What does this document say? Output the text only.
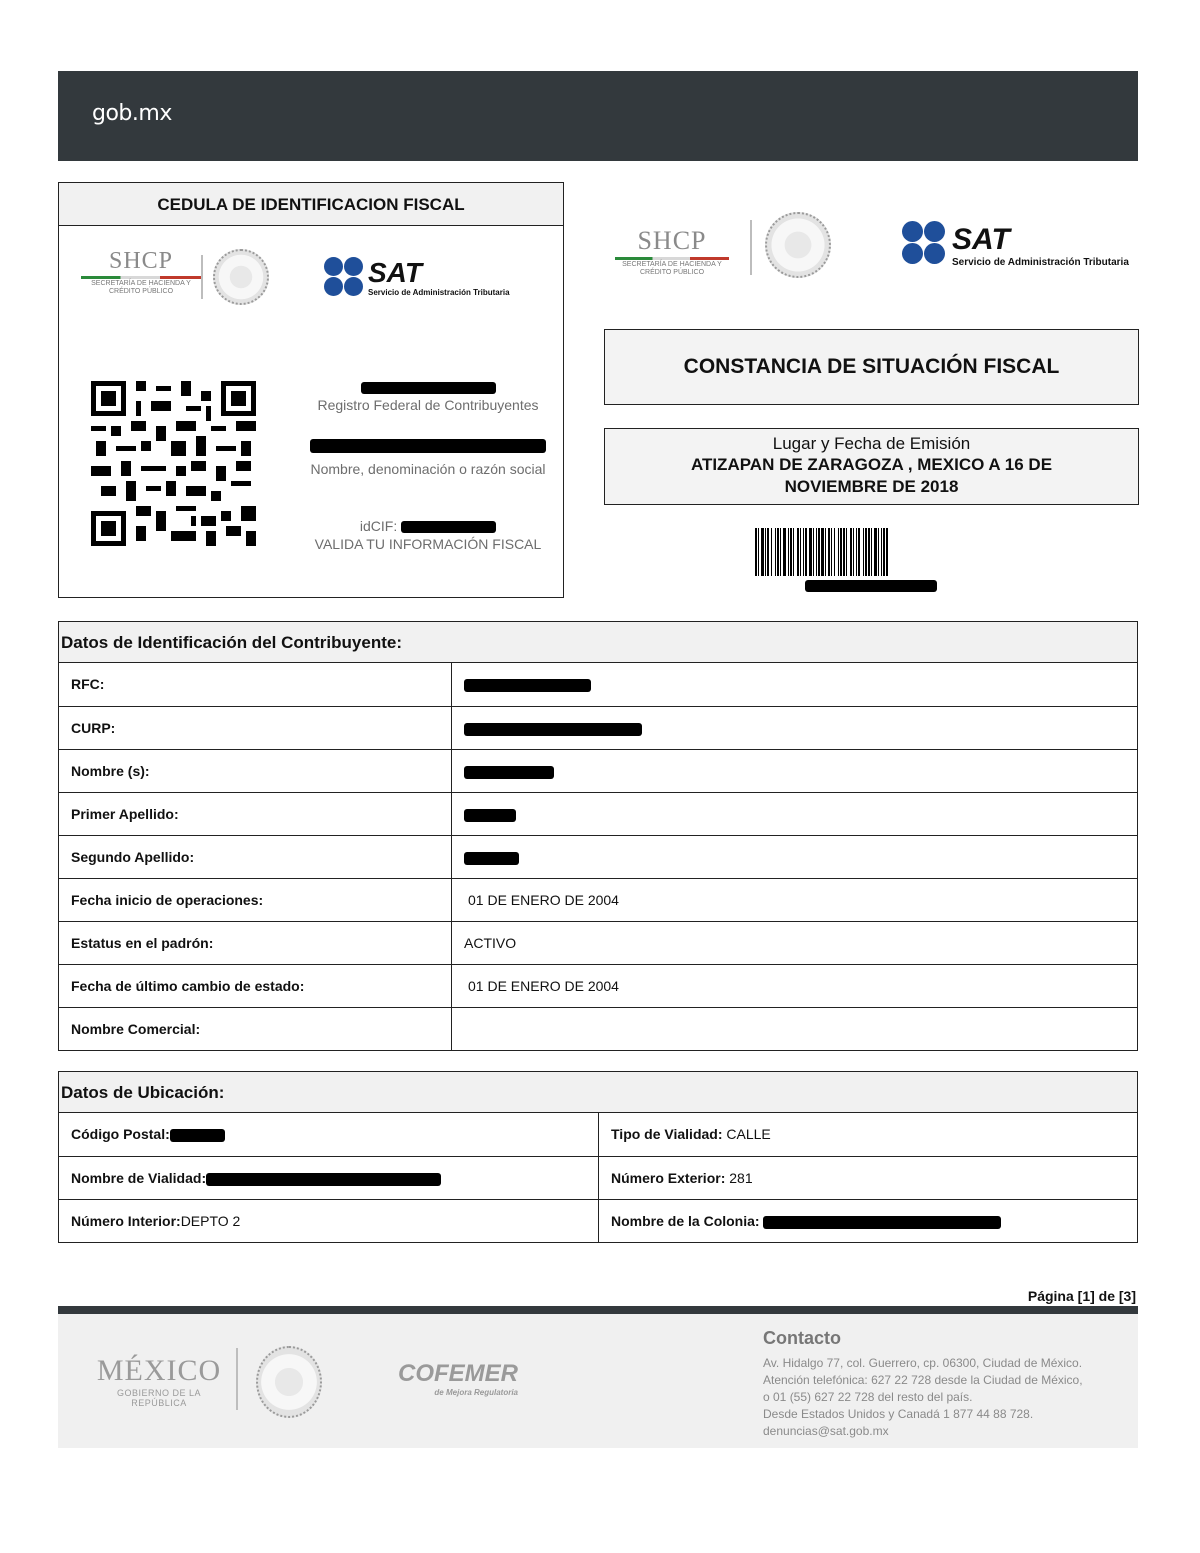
gob.mx
CEDULA DE IDENTIFICACION FISCAL
SHCP
SECRETARÍA DE HACIENDA Y CRÉDITO PÚBLICO
SAT
Servicio de Administración Tributaria
Registro Federal de Contribuyentes
Nombre, denominación o razón social
idCIF:
VALIDA TU INFORMACIÓN FISCAL
SHCP
SECRETARÍA DE HACIENDA Y CRÉDITO PÚBLICO
SAT
Servicio de Administración Tributaria
CONSTANCIA DE SITUACIÓN FISCAL
Lugar y Fecha de Emisión
ATIZAPAN DE ZARAGOZA , MEXICO A 16 DE
NOVIEMBRE DE 2018
Datos de Identificación del Contribuyente:
RFC:
CURP:
Nombre (s):
Primer Apellido:
Segundo Apellido:
Fecha inicio de operaciones:	01 DE ENERO DE 2004
Estatus en el padrón:	ACTIVO
Fecha de último cambio de estado:	01 DE ENERO DE 2004
Nombre Comercial:
Datos de Ubicación:
Código Postal:	Tipo de Vialidad: CALLE
Nombre de Vialidad:	Número Exterior: 281
Número Interior:DEPTO 2	Nombre de la Colonia:
Página [1] de [3]
MÉXICO
GOBIERNO DE LA REPÚBLICA
COFEMER
de Mejora Regulatoria
Contacto
Av. Hidalgo 77, col. Guerrero, cp. 06300, Ciudad de México.
Atención telefónica: 627 22 728 desde la Ciudad de México,
o 01 (55) 627 22 728 del resto del país.
Desde Estados Unidos y Canadá 1 877 44 88 728.
denuncias@sat.gob.mx
